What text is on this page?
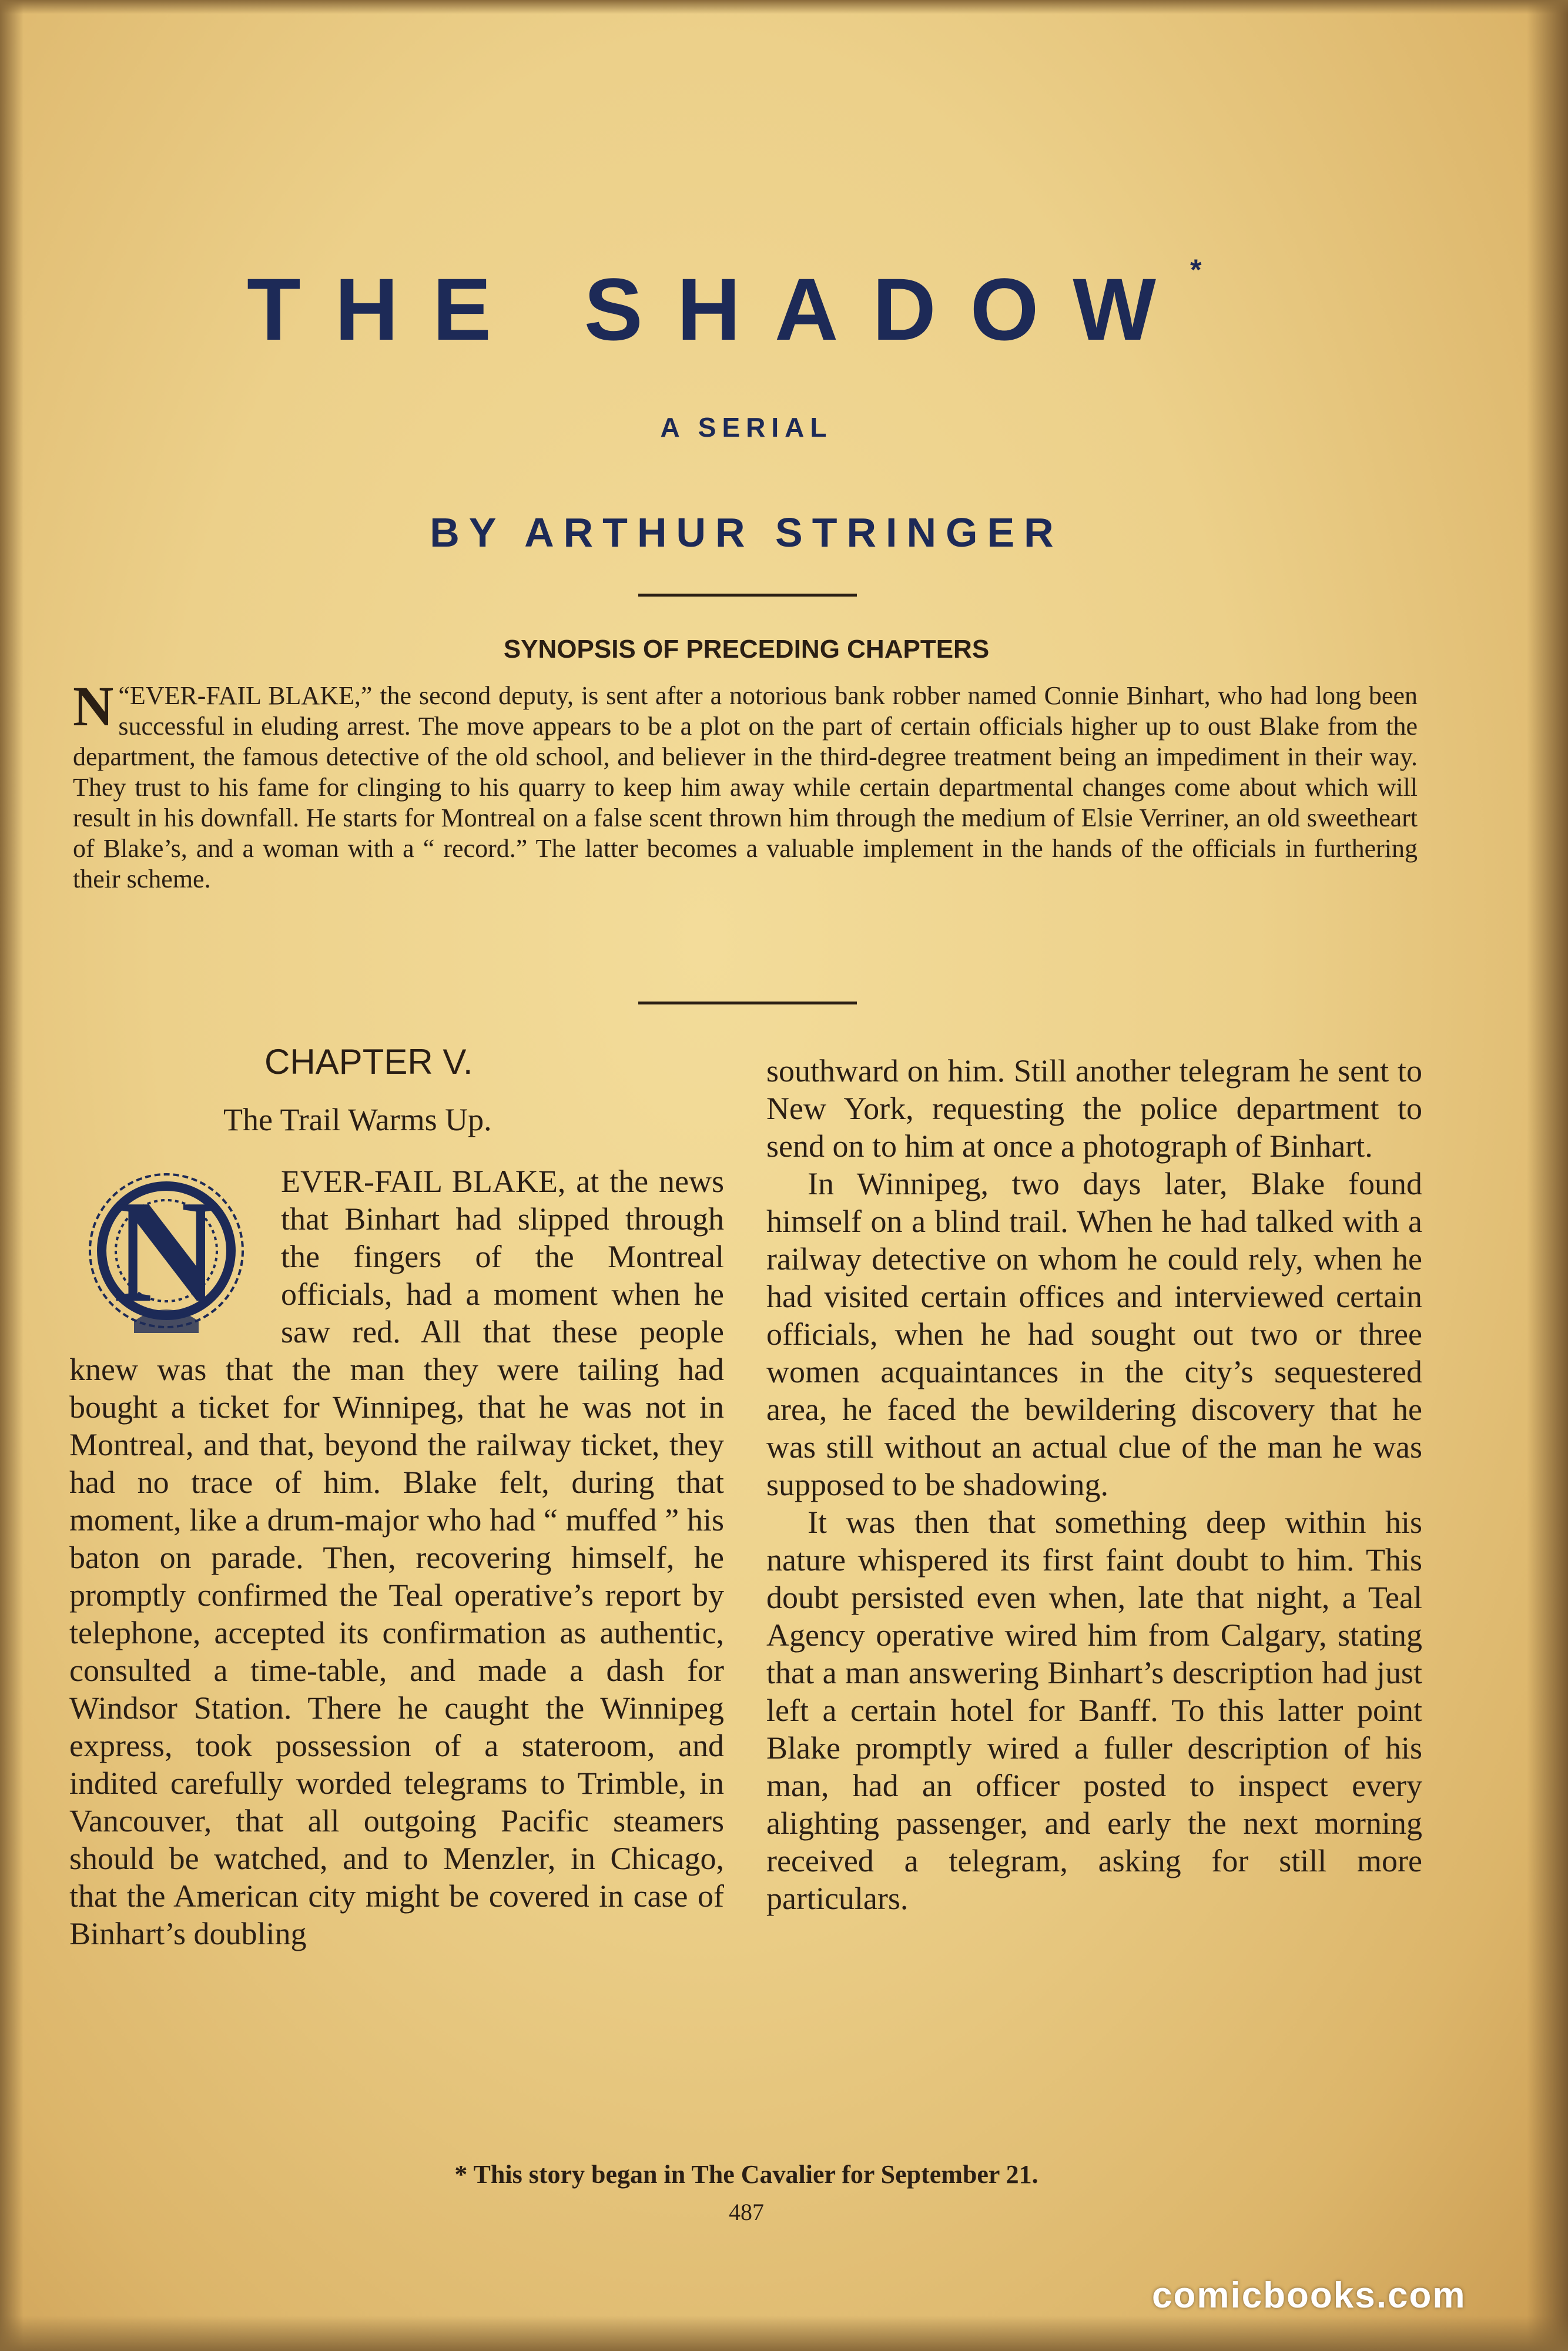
THE SHADOW*
A SERIAL
BY ARTHUR STRINGER
SYNOPSIS OF PRECEDING CHAPTERS
“
N EVER-FAIL BLAKE,” the second deputy, is sent after a notorious bank robber named Connie Binhart, who had long been successful in eluding arrest. The move appears to be a plot on the part of certain officials higher up to oust Blake from the department, the famous detective of the old school, and believer in the third-degree treatment being an impediment in their way. They trust to his fame for clinging to his quarry to keep him away while certain departmental changes come about which will result in his downfall. He starts for Montreal on a false scent thrown him through the medium of Elsie Verriner, an old sweetheart of Blake’s, and a woman with a “ record.” The latter becomes a valuable implement in the hands of the officials in furthering their scheme.
CHAPTER V.
The Trail Warms Up.
N	EVER-FAIL BLAKE, at the news that Binhart had slipped through the fingers of the Montreal officials, had a moment when he saw red. All that these people knew was that the man they were tailing had bought a ticket for Winnipeg, that he was not in Montreal, and that, beyond the railway ticket, they had no trace of him. Blake felt, during that moment, like a drum-major who had “ muffed ” his baton on parade. Then, recovering himself, he promptly confirmed the Teal operative’s report by telephone, accepted its confirmation as authentic, consulted a time-table, and made a dash for Windsor Station. There he caught the Winnipeg express, took possession of a stateroom, and indited carefully worded telegrams to Trimble, in Vancouver, that all outgoing Pacific steamers should be watched, and to Menzler, in Chicago, that the American city might be covered in case of Binhart’s doubling

southward on him. Still another telegram he sent to New York, requesting the police department to send on to him at once a photograph of Binhart.

In Winnipeg, two days later, Blake found himself on a blind trail. When he had talked with a railway detective on whom he could rely, when he had visited certain offices and interviewed certain officials, when he had sought out two or three women acquaintances in the city’s sequestered area, he faced the bewildering discovery that he was still without an actual clue of the man he was supposed to be shadowing.

It was then that something deep within his nature whispered its first faint doubt to him. This doubt persisted even when, late that night, a Teal Agency operative wired him from Calgary, stating that a man answering Binhart’s description had just left a certain hotel for Banff. To this latter point Blake promptly wired a fuller description of his man, had an officer posted to inspect every alighting passenger, and early the next morning received a telegram, asking for still more particulars.

* This story began in The Cavalier for September 21.
487
comicbooks.com
